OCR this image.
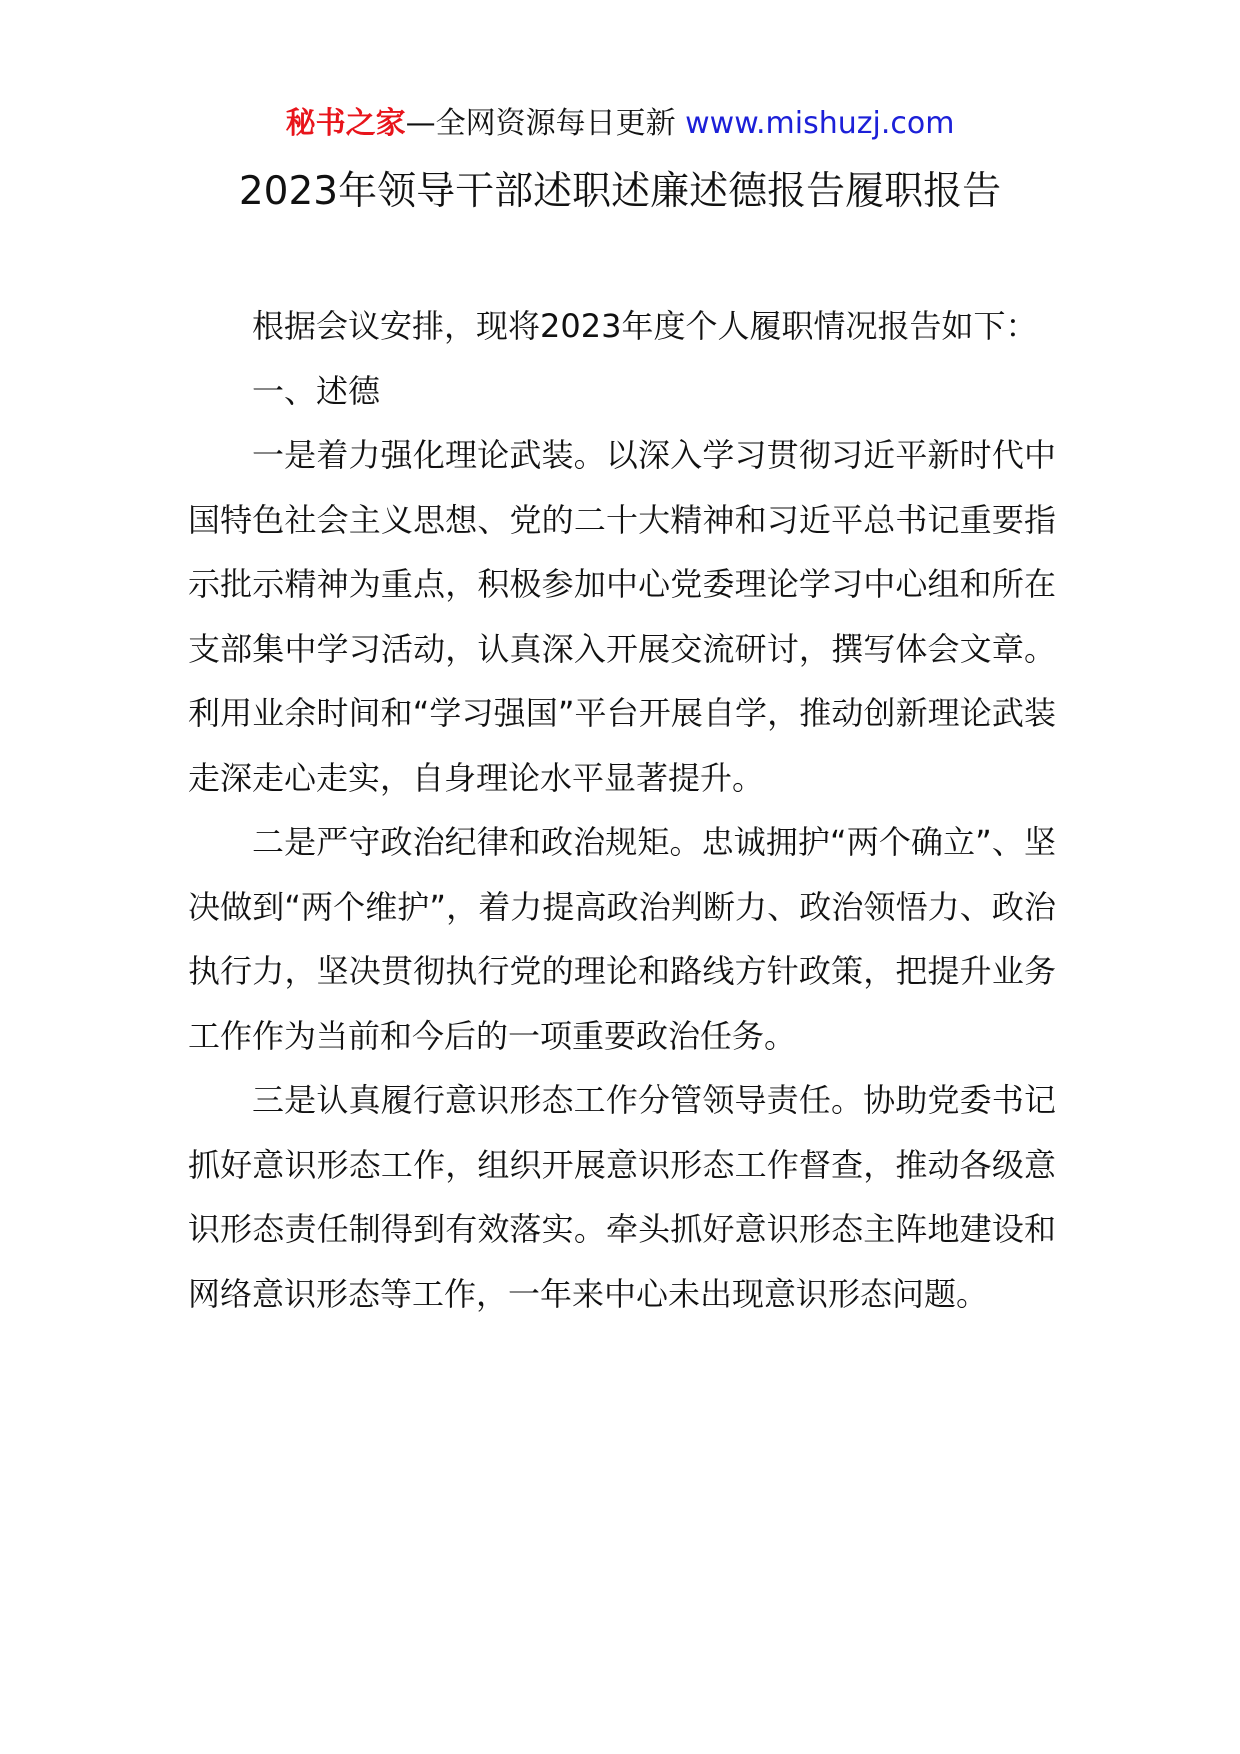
秘书之家—全网资源每日更新 www.mishuzj.com
2023年领导干部述职述廉述德报告履职报告

根据会议安排，现将2023年度个人履职情况报告如下：

一、述德

一是着力强化理论武装。以深入学习贯彻习近平新时代中国特色社会主义思想、党的二十大精神和习近平总书记重要指示批示精神为重点，积极参加中心党委理论学习中心组和所在支部集中学习活动，认真深入开展交流研讨，撰写体会文章。利用业余时间和“学习强国”平台开展自学，推动创新理论武装走深走心走实，自身理论水平显著提升。

二是严守政治纪律和政治规矩。忠诚拥护“两个确立”、坚决做到“两个维护”，着力提高政治判断力、政治领悟力、政治执行力，坚决贯彻执行党的理论和路线方针政策，把提升业务工作作为当前和今后的一项重要政治任务。

三是认真履行意识形态工作分管领导责任。协助党委书记抓好意识形态工作，组织开展意识形态工作督查，推动各级意识形态责任制得到有效落实。牵头抓好意识形态主阵地建设和网络意识形态等工作，一年来中心未出现意识形态问题。
